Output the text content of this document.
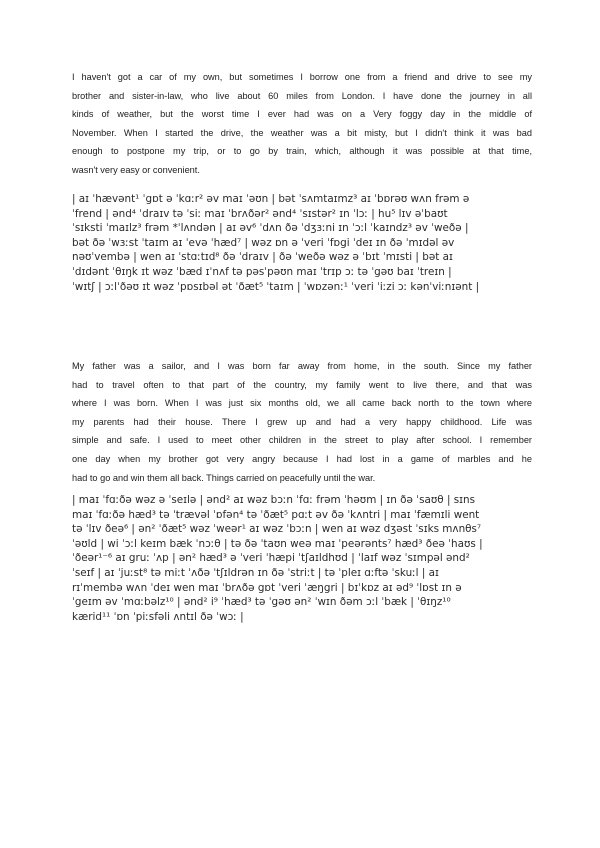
I haven't got a car of my own, but sometimes I borrow one from a friend and drive to see my
brother and sister-in-law, who live about 60 miles from London. I have done the journey in all
kinds of weather, but the worst time I ever had was on a Very foggy day in the middle of
November. When I started the drive, the weather was a bit misty, but I didn't think it was bad
enough to postpone my trip, or to go by train, which, although it was possible at that time,
wasn't very easy or convenient.
| aɪ ˈhævənt¹ ˈgɒt ə ˈkɑːr² əv maɪ ˈəʊn | bət ˈsʌmtaɪmz³ aɪ ˈbɒrəʊ wʌn frəm ə
ˈfrend | ənd⁴ ˈdraɪv tə ˈsiː maɪ ˈbrʌðər² ənd⁴ ˈsɪstər² ɪn ˈlɔː | hu⁵ lɪv əˈbaʊt
ˈsɪksti ˈmaɪlz³ frəm *ˈlʌndən | aɪ əv⁶ ˈdʌn ðə ˈdʒɜːni ɪn ˈɔːl ˈkaɪndz³ əv ˈweðə |
bət ðə ˈwɜːst ˈtaɪm aɪ ˈevə ˈhæd⁷ | wəz ɒn ə ˈveri ˈfɒgi ˈdeɪ ɪn ðə ˈmɪdəl əv
nəʊˈvembə | wen aɪ ˈstɑːtɪd⁸ ðə ˈdraɪv | ðə ˈweðə wəz ə ˈbɪt ˈmɪsti | bət aɪ
ˈdɪdənt ˈθɪŋk ɪt wəz ˈbæd ɪˈnʌf tə pəsˈpəʊn maɪ ˈtrɪp ɔː tə ˈgəʊ baɪ ˈtreɪn |
ˈwɪtʃ | ɔːlˈðəʊ ɪt wəz ˈpɒsɪbəl ət ˈðæt⁵ ˈtaɪm | ˈwɒzənː¹ ˈveri ˈiːzi ɔː kənˈviːnɪənt |
My father was a sailor, and I was born far away from home, in the south. Since my father
had to travel often to that part of the country, my family went to live there, and that was
where I was born. When I was just six months old, we all came back north to the town where
my parents had their house. There I grew up and had a very happy childhood. Life was
simple and safe. I used to meet other children in the street to play after school. I remember
one day when my brother got very angry because I had lost in a game of marbles and he
had to go and win them all back. Things carried on peacefully until the war.
| maɪ ˈfɑːðə wəz ə ˈseɪlə | ənd² aɪ wəz bɔːn ˈfɑː frəm ˈhəʊm | ɪn ðə ˈsaʊθ | sɪns
maɪ ˈfɑːðə hæd³ tə ˈtrævəl ˈɒfən⁴ tə ˈðæt⁵ pɑːt əv ðə ˈkʌntri | maɪ ˈfæmɪli went
tə ˈlɪv ðeə⁶ | ən² ˈðæt⁵ wəz ˈweər¹ aɪ wəz ˈbɔːn | wen aɪ wəz dʒəst ˈsɪks mʌnθs⁷
ˈəʊld | wi ˈɔːl keɪm bæk ˈnɔːθ | tə ðə ˈtaʊn weə maɪ ˈpeərənts⁷ hæd³ ðeə ˈhaʊs |
ˈðeər¹⁻⁶ aɪ gruː ˈʌp | ən² hæd³ ə ˈveri ˈhæpi ˈtʃaɪldhʊd | ˈlaɪf wəz ˈsɪmpəl ənd²
ˈseɪf | aɪ ˈjuːst⁸ tə miːt ˈʌðə ˈtʃɪldrən ɪn ðə ˈstriːt | tə ˈpleɪ ɑːftə ˈskuːl | aɪ
rɪˈmembə wʌn ˈdeɪ wen maɪ ˈbrʌðə gɒt ˈveri ˈæŋgri | bɪˈkɒz aɪ əd⁹ ˈlɒst ɪn ə
ˈgeɪm əv ˈmɑːbəlz¹⁰ | ənd² i⁹ ˈhæd³ tə ˈgəʊ ən² ˈwɪn ðəm ɔːl ˈbæk | ˈθɪŋz¹⁰
kærid¹¹ ˈɒn ˈpiːsfəli ʌntɪl ðə ˈwɔː |
